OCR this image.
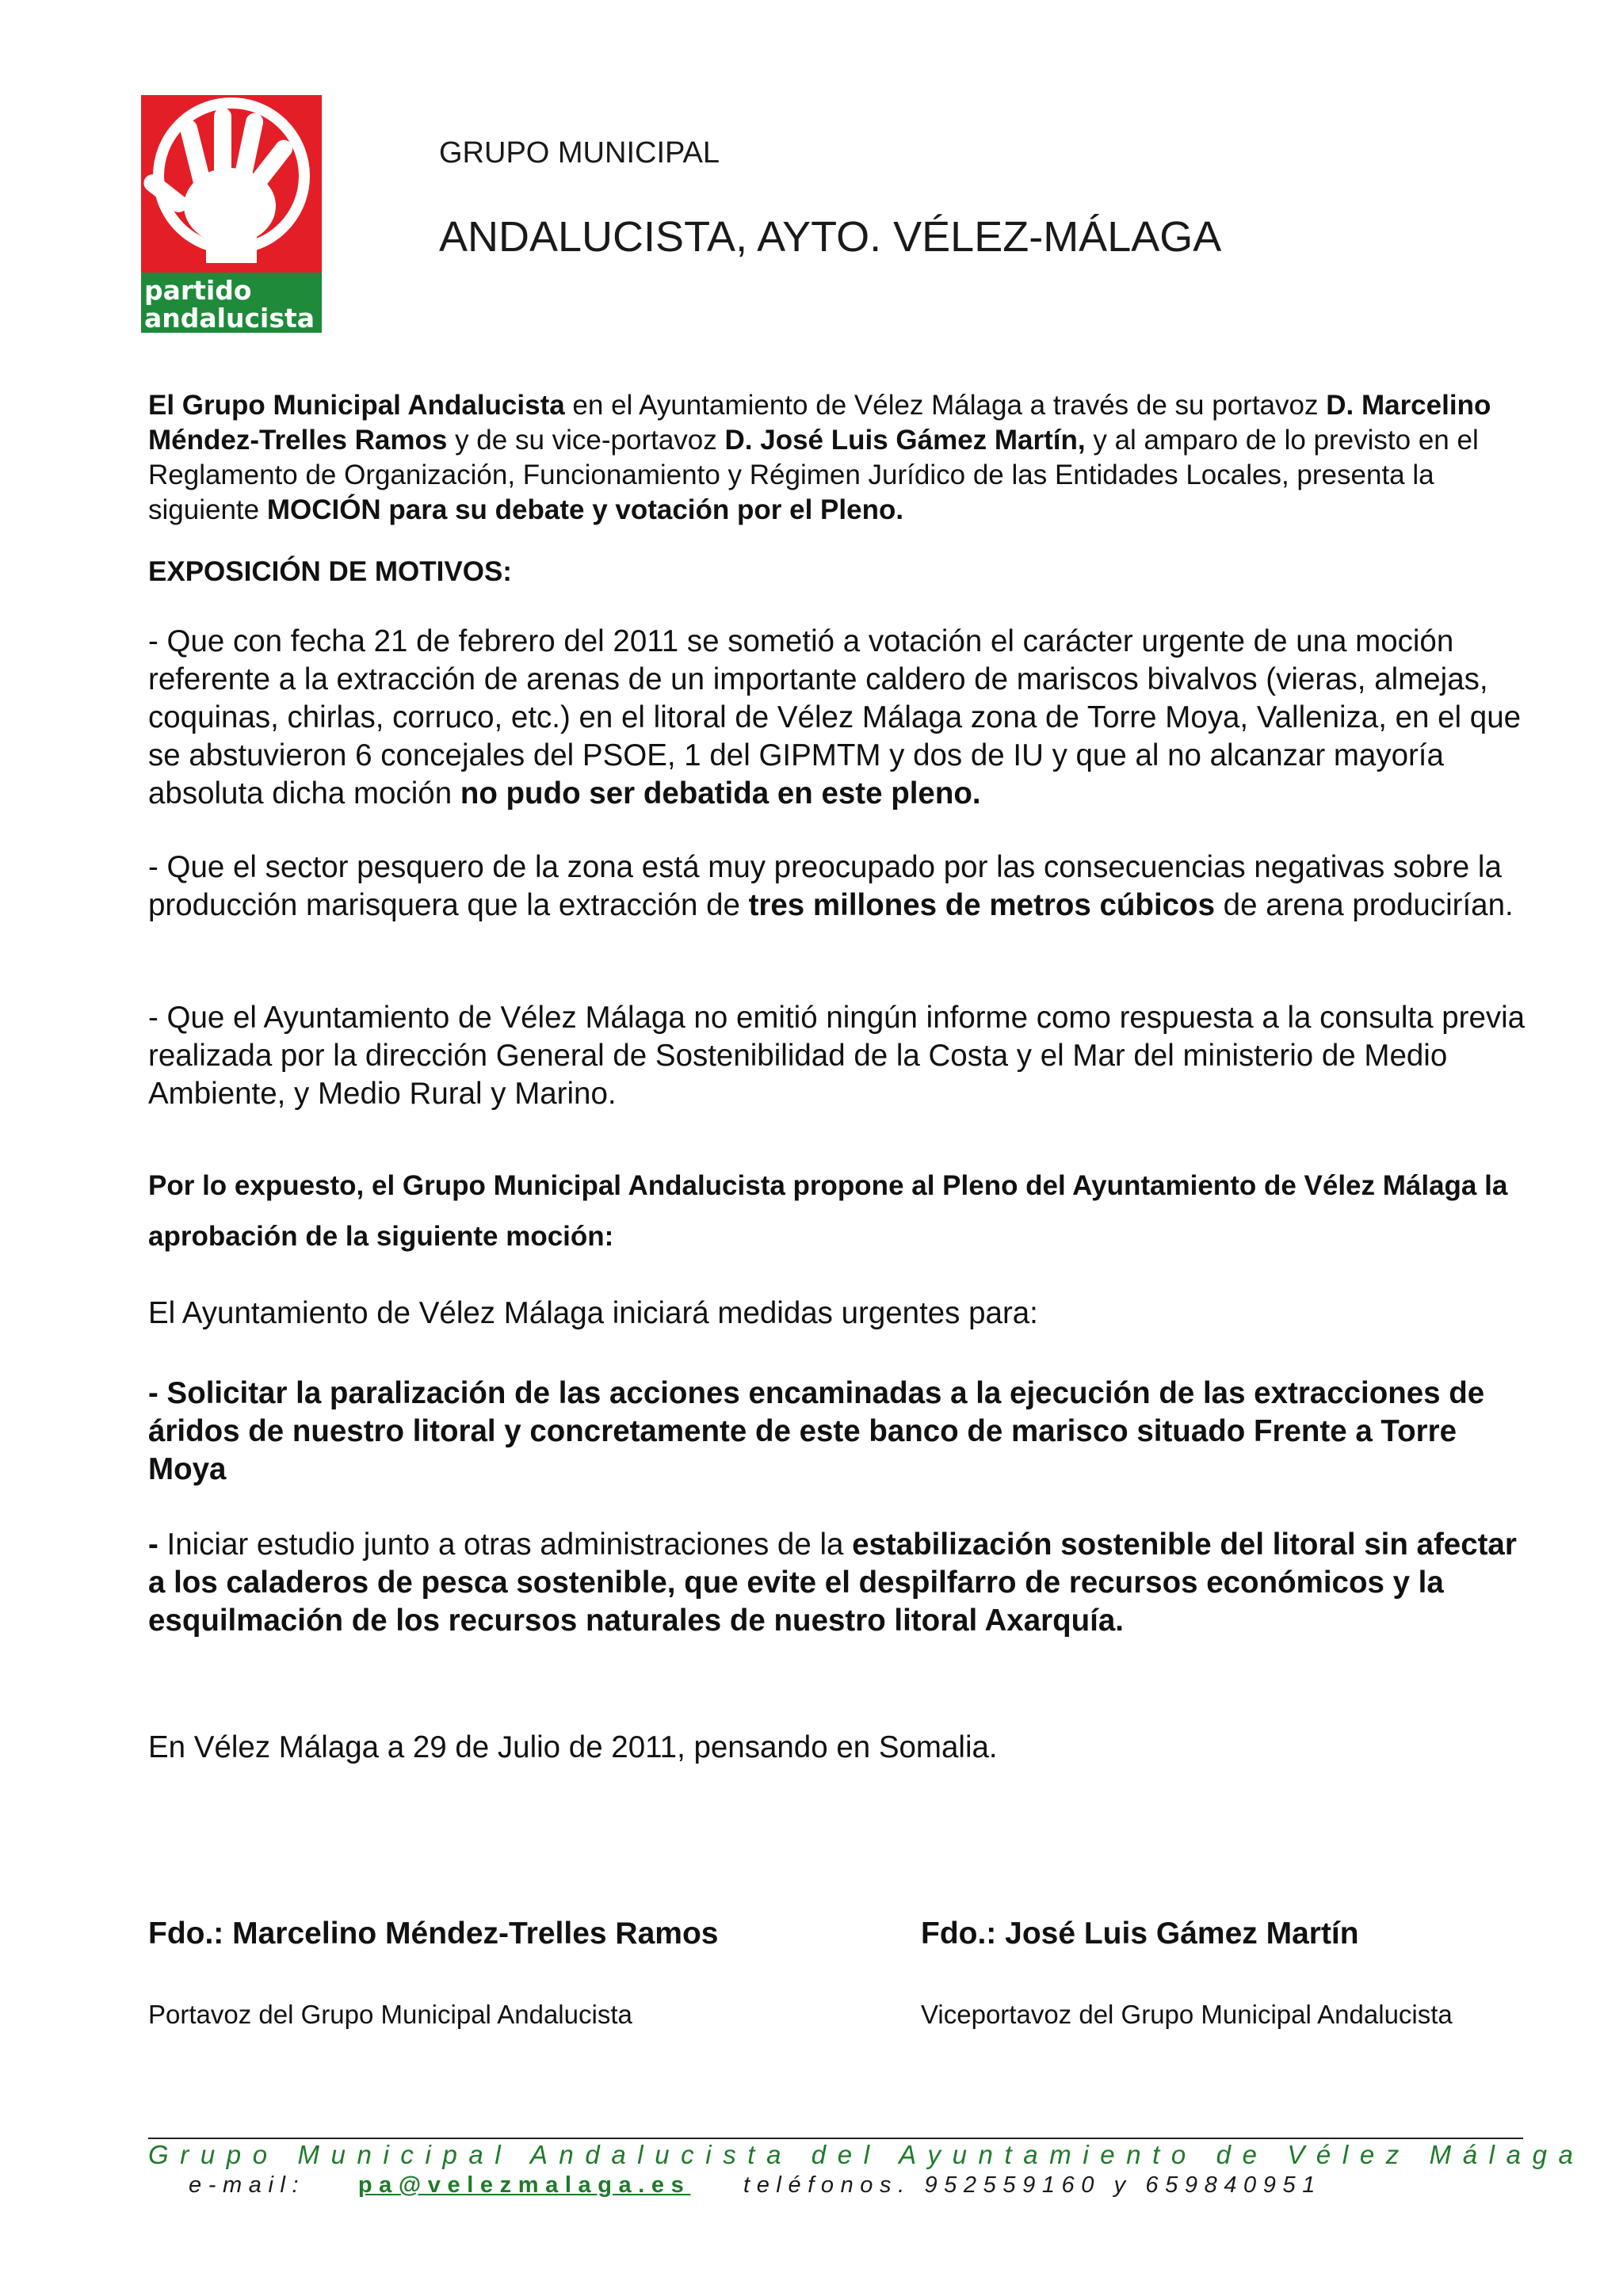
partido
andalucista
GRUPO MUNICIPAL
ANDALUCISTA, AYTO. VÉLEZ-MÁLAGA
El Grupo Municipal Andalucista en el Ayuntamiento de Vélez Málaga a través de su portavoz D. Marcelino Méndez-Trelles Ramos y de su vice-portavoz D. José Luis Gámez Martín, y al amparo de lo previsto en el Reglamento de Organización, Funcionamiento y Régimen Jurídico de las Entidades Locales, presenta la siguiente MOCIÓN para su debate y votación por el Pleno.
EXPOSICIÓN DE MOTIVOS:
- Que con fecha 21 de febrero del 2011 se sometió a votación el carácter urgente de una moción referente a la extracción de arenas de un importante caldero de mariscos bivalvos (vieras, almejas, coquinas, chirlas, corruco, etc.) en el litoral de Vélez Málaga zona de Torre Moya, Valleniza, en el que se abstuvieron 6 concejales del PSOE, 1 del GIPMTM y dos de IU y que al no alcanzar mayoría absoluta dicha moción no pudo ser debatida en este pleno.
- Que el sector pesquero de la zona está muy preocupado por las consecuencias negativas sobre la producción marisquera que la extracción de tres millones de metros cúbicos de arena producirían.
- Que el Ayuntamiento de Vélez Málaga no emitió ningún informe como respuesta a la consulta previa realizada por la dirección General de Sostenibilidad de la Costa y el Mar del ministerio de Medio Ambiente, y Medio Rural y Marino.
Por lo expuesto, el Grupo Municipal Andalucista propone al Pleno del Ayuntamiento de Vélez Málaga la aprobación de la siguiente moción:
El Ayuntamiento de Vélez Málaga iniciará medidas urgentes para:
- Solicitar la paralización de las acciones encaminadas a la ejecución de las extracciones de áridos de nuestro litoral y concretamente de este banco de marisco situado Frente a Torre Moya
- Iniciar estudio junto a otras administraciones de la estabilización sostenible del litoral sin afectar a los caladeros de pesca sostenible, que evite el despilfarro de recursos económicos y la esquilmación de los recursos naturales de nuestro litoral Axarquía.
En Vélez Málaga a 29 de Julio de 2011, pensando en Somalia.
Fdo.: Marcelino Méndez-Trelles Ramos
Portavoz del Grupo Municipal Andalucista
Fdo.: José Luis Gámez Martín
Viceportavoz del Grupo Municipal Andalucista
Grupo Municipal Andalucista del Ayuntamiento de Vélez Málaga
e-mail: pa@velezmalaga.es teléfonos. 952559160 y 659840951
